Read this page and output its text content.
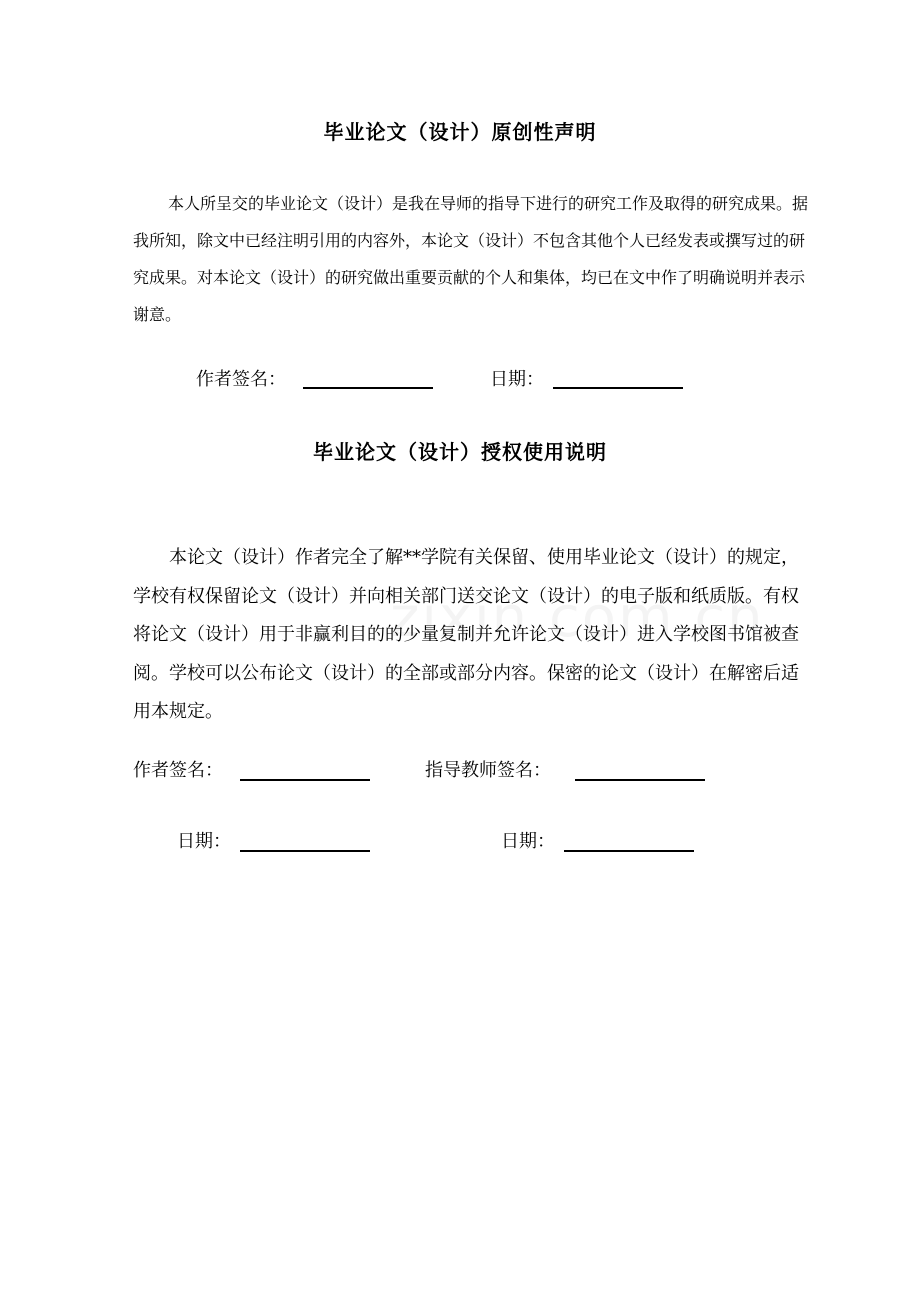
毕业论文（设计）原创性声明
本人所呈交的毕业论文（设计）是我在导师的指导下进行的研究工作及取得的研究成果。据我所知，除文中已经注明引用的内容外，本论文（设计）不包含其他个人已经发表或撰写过的研究成果。对本论文（设计）的研究做出重要贡献的个人和集体，均已在文中作了明确说明并表示谢意。
作者签名：	日期：
毕业论文（设计）授权使用说明
本论文（设计）作者完全了解**学院有关保留、使用毕业论文（设计）的规定，学校有权保留论文（设计）并向相关部门送交论文（设计）的电子版和纸质版。有权将论文（设计）用于非赢利目的的少量复制并允许论文（设计）进入学校图书馆被查阅。学校可以公布论文（设计）的全部或部分内容。保密的论文（设计）在解密后适用本规定。
作者签名：	指导教师签名：
日期：	日期：
